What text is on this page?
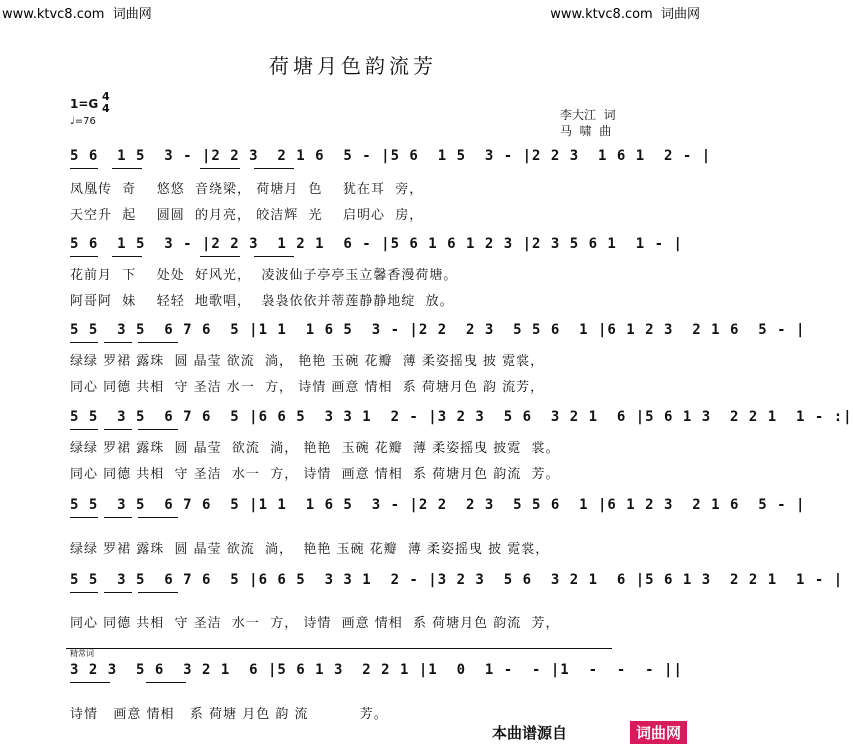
www.ktvc8.com  词曲网	www.ktvc8.com  词曲网
荷塘月色韵流芳
1=G
4
4
♩=76	李大江  词
马  啸  曲
5 6  1 5  3 - |2 2 3  2 1 6  5 - |5 6  1 5  3 - |2 2 3  1 6 1  2 - |
凤凰传  奇    悠悠  音绕梁， 荷塘月  色    犹在耳  旁，
天空升  起    圆圆  的月亮， 皎洁辉  光    启明心  房，
5 6  1 5  3 - |2 2 3  1 2 1  6 - |5 6 1 6 1 2 3 |2 3 5 6 1  1 - |
花前月  下    处处  好风光，  凌波仙子亭亭玉立馨香漫荷塘。
阿哥阿  妹    轻轻  地歌唱，  袅袅依依并蒂莲静静地绽  放。
5 5  3 5  6 7 6  5 |1 1  1 6 5  3 - |2 2  2 3  5 5 6  1 |6 1 2 3  2 1 6  5 - |
绿绿 罗裙 露珠  圆 晶莹 欲流  淌， 艳艳 玉碗 花瓣  薄 柔姿摇曳 披 霓裳，
同心 同德 共相  守 圣洁 水一  方， 诗情 画意 情相  系 荷塘月色 韵 流芳，
5 5  3 5  6 7 6  5 |6 6 5  3 3 1  2 - |3 2 3  5 6  3 2 1  6 |5 6 1 3  2 2 1  1 - :|
绿绿 罗裙 露珠  圆 晶莹  欲流  淌， 艳艳  玉碗 花瓣  薄 柔姿摇曳 披霓  裳。
同心 同德 共相  守 圣洁  水一  方， 诗情  画意 情相  系 荷塘月色 韵流  芳。
5 5  3 5  6 7 6  5 |1 1  1 6 5  3 - |2 2  2 3  5 5 6  1 |6 1 2 3  2 1 6  5 - |
绿绿 罗裙 露珠  圆 晶莹 欲流  淌，  艳艳 玉碗 花瓣  薄 柔姿摇曳 披 霓裳，
5 5  3 5  6 7 6  5 |6 6 5  3 3 1  2 - |3 2 3  5 6  3 2 1  6 |5 6 1 3  2 2 1  1 - |
同心 同德 共相  守 圣洁  水一  方， 诗情  画意 情相  系 荷塘月色 韵流  芳，
精常词
3 2 3  5 6  3 2 1  6 |5 6 1 3  2 2 1 |1  0  1 -  - |1  -  -  - ||
诗情   画意 情相   系 荷塘 月色 韵 流          芳。
本曲谱源自	词曲网
